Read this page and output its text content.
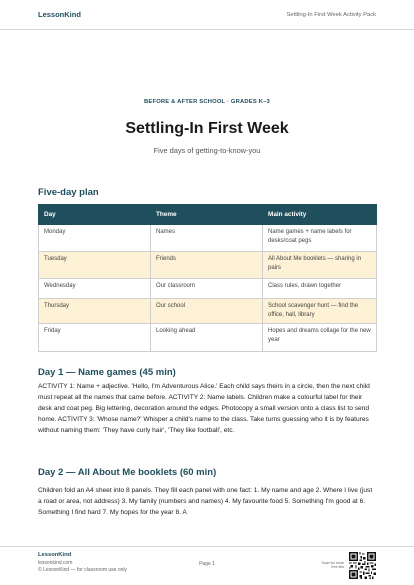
LessonKind	Settling-In First Week Activity Pack
BEFORE & AFTER SCHOOL · GRADES K–3
Settling-In First Week
Five days of getting-to-know-you
Five-day plan
Day	Theme	Main activity
Monday	Names	Name games + name labels for desks/coat pegs
Tuesday	Friends	All About Me booklets — sharing in pairs
Wednesday	Our classroom	Class rules, drawn together
Thursday	Our school	School scavenger hunt — find the office, hall, library
Friday	Looking ahead	Hopes and dreams collage for the new year
Day 1 — Name games (45 min)

ACTIVITY 1: Name + adjective. 'Hello, I'm Adventurous Alice.' Each child says theirs in a circle, then the next child must repeat all the names that came before. ACTIVITY 2: Name labels. Children make a colourful label for their desk and coat peg. Big lettering, decoration around the edges. Photocopy a small version onto a class list to send home. ACTIVITY 3: 'Whose name?' Whisper a child's name to the class. Take turns guessing who it is by features without naming them: 'They have curly hair', 'They like football', etc.

Day 2 — All About Me booklets (60 min)

Children fold an A4 sheet into 8 panels. They fill each panel with one fact: 1. My name and age 2. Where I live (just a road or area, not address) 3. My family (numbers and names) 4. My favourite food 5. Something I'm good at 6. Something I find hard 7. My hopes for the year 8. A

LessonKind
lessonkind.com
© LessonKind — for classroom use only
Page 1	Scan for more free kits
